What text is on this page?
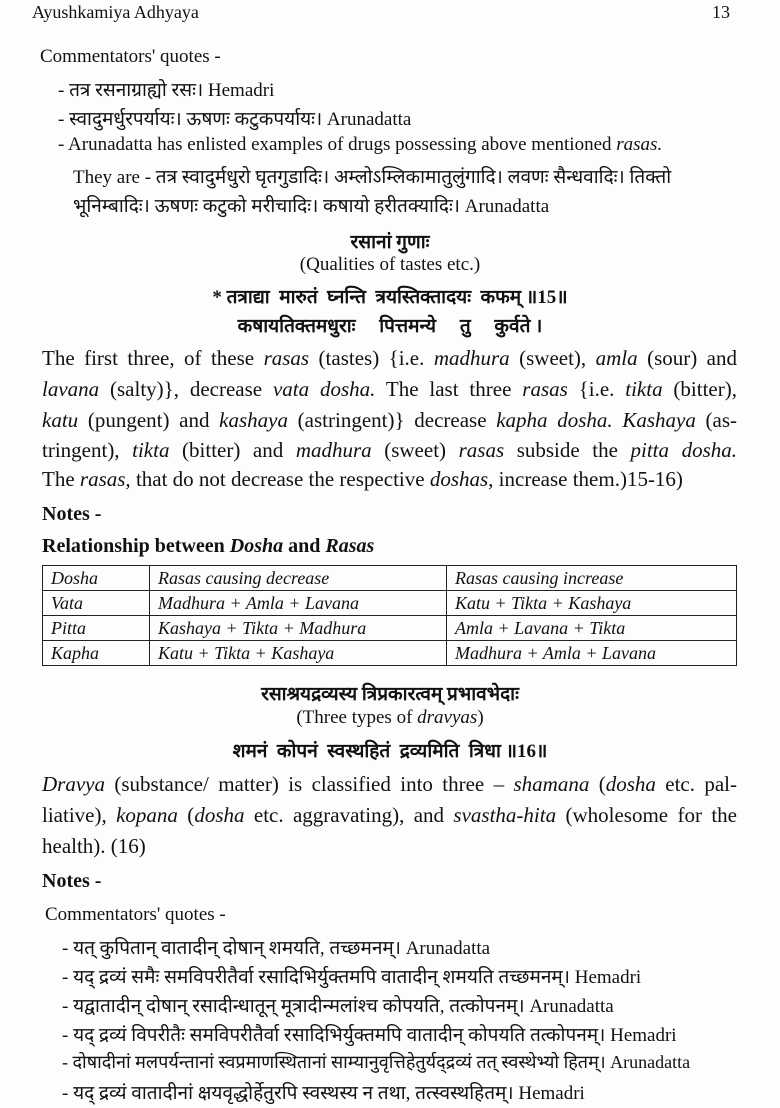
Ayushkamiya Adhyaya	13
Commentators' quotes -
- तत्र रसनाग्राह्यो रसः। Hemadri
- स्वादुमर्धुरपर्यायः। ऊषणः कटुकपर्यायः। Arunadatta
- Arunadatta has enlisted examples of drugs possessing above mentioned rasas.
They are - तत्र स्वादुर्मधुरो घृतगुडादिः। अम्लोऽम्लिकामातुलुंगादि। लवणः सैन्धवादिः। तिक्तो
भूनिम्बादिः। ऊषणः कटुको मरीचादिः। कषायो हरीतक्यादिः। Arunadatta
रसानां गुणाः
(Qualities of tastes etc.)
* तत्राद्या  मारुतं  घ्नन्ति  त्रयस्तिक्तादयः  कफम् ॥15॥
कषायतिक्तमधुराः     पित्तमन्ये     तु     कुर्वते ।
The first three, of these rasas (tastes) {i.e. madhura (sweet), amla (sour) and
lavana (salty)}, decrease vata dosha. The last three rasas {i.e. tikta (bitter),
katu (pungent) and kashaya (astringent)} decrease kapha dosha. Kashaya (as-
tringent), tikta (bitter) and madhura (sweet) rasas subside the pitta dosha.
The rasas, that do not decrease the respective doshas, increase them.)15-16)
Notes -
Relationship between Dosha and Rasas
Dosha	Rasas causing decrease	Rasas causing increase
Vata	Madhura + Amla + Lavana	Katu + Tikta + Kashaya
Pitta	Kashaya + Tikta + Madhura	Amla + Lavana + Tikta
Kapha	Katu + Tikta + Kashaya	Madhura + Amla + Lavana
रसाश्रयद्रव्यस्य त्रिप्रकारत्वम् प्रभावभेदाः
(Three types of dravyas)
शमनं  कोपनं  स्वस्थहितं  द्रव्यमिति  त्रिधा ॥16॥
Dravya (substance/ matter) is classified into three – shamana (dosha etc. pal-
liative), kopana (dosha etc. aggravating), and svastha-hita (wholesome for the
health). (16)
Notes -
Commentators' quotes -
- यत् कुपितान् वातादीन् दोषान् शमयति, तच्छमनम्। Arunadatta
- यद् द्रव्यं समैः समविपरीतैर्वा रसादिभिर्युक्तमपि वातादीन् शमयति तच्छमनम्। Hemadri
- यद्वातादीन् दोषान् रसादीन्धातून् मूत्रादीन्मलांश्च कोपयति, तत्कोपनम्। Arunadatta
- यद् द्रव्यं विपरीतैः समविपरीतैर्वा रसादिभिर्युक्तमपि वातादीन् कोपयति तत्कोपनम्। Hemadri
- दोषादीनां मलपर्यन्तानां स्वप्रमाणस्थितानां साम्यानुवृत्तिहेतुर्यद्द्रव्यं तत् स्वस्थेभ्यो हितम्। Arunadatta
- यद् द्रव्यं वातादीनां क्षयवृद्धोर्हेतुरपि स्वस्थस्य न तथा, तत्स्वस्थहितम्। Hemadri
